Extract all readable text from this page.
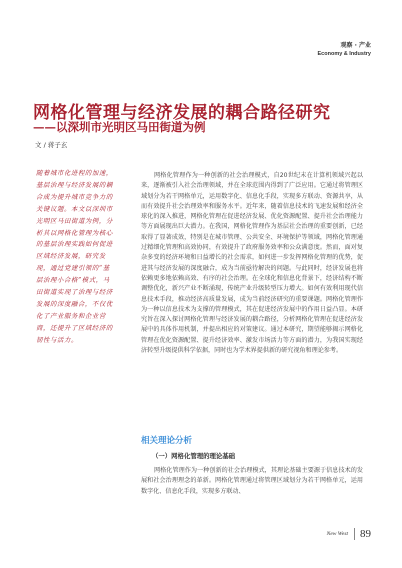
观察 · 产业
Economy & Industry
网格化管理与经济发展的耦合路径研究
——以深圳市光明区马田街道为例
文 / 蒋子玄
随着城市化进程的加速，基层治理与经济发展的耦合成为提升城市竞争力的关键议题。本文以深圳市光明区马田街道为例，分析其以网格化管理为核心的基层治理实践如何促进区域经济发展，研究发现，通过党建引领的“基层治理小合格”模式，马田街道实现了治理与经济发展的深度融合，不仅优化了产业服务和企业营商，还提升了区域经济的韧性与活力。

网格化管理作为一种创新的社会治理模式，自20世纪末在计算机领域兴起以来，逐渐被引入社会治理领域，并在全球范围内得到了广泛应用。它通过将管理区域划分为若干网格单元，运用数字化、信息化手段，实现多方联动、资源共享，从而有效提升社会治理效率和服务水平。近年来，随着信息技术的飞速发展和经济全球化的深入推进，网格化管理在促进经济发展、优化资源配置、提升社会治理能力等方面展现出巨大潜力。在我国，网格化管理作为基层社会治理的重要创新，已经取得了显著成效，特别是在城市管理、公共安全、环境保护等领域，网格化管理通过精细化管理和高效协同，有效提升了政府服务效率和公众满意度。然而，面对复杂多变的经济环境和日益增长的社会需求，如何进一步发挥网格化管理的优势，促进其与经济发展的深度融合，成为当前亟待解决的问题。与此同时，经济发展也将依赖更多地依赖高效、有序的社会治理。在全球化和信息化背景下，经济结构不断调整优化，新兴产业不断涌现，传统产业升级转型压力增大。如何有效利用现代信息技术手段，推动经济高质量发展，成为当前经济研究的重要课题。网格化管理作为一种以信息技术为支撑的管理模式，其在促进经济发展中的作用日益凸显。本研究旨在深入探讨网格化管理与经济发展的耦合路径，分析网格化管理在促进经济发展中的具体作用机制，并提出相应的对策建议。通过本研究，期望能够揭示网格化管理在优化资源配置、提升经济效率、激发市场活力等方面的潜力，为我国实现经济转型升级提供科学依据，同时也为学术界提供新的研究视角和理论参考。

相关理论分析
（一）网格化管理的理论基础

网格化管理作为一种创新的社会治理模式，其理论基础主要源于信息技术的发展和社会治理理念的革新。网格化管理通过将管理区域划分为若干网格单元，运用数字化、信息化手段，实现多方联动、

New West	89
